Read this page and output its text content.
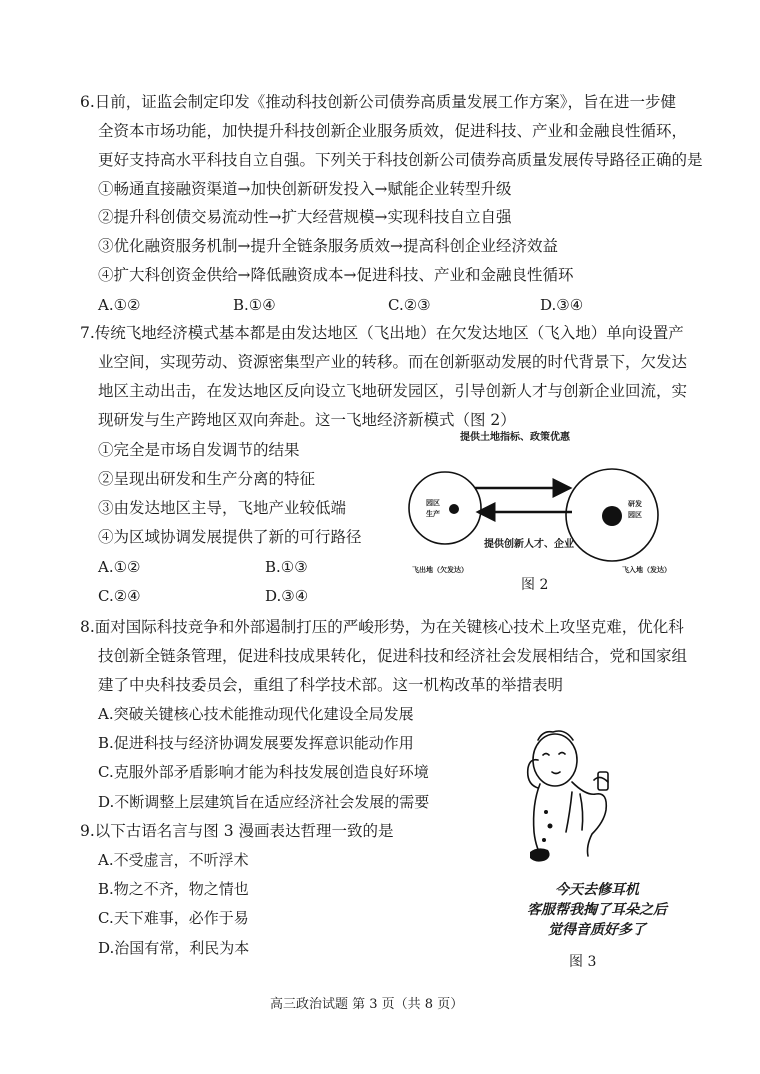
6.日前，证监会制定印发《推动科技创新公司债券高质量发展工作方案》，旨在进一步健
全资本市场功能，加快提升科技创新企业服务质效，促进科技、产业和金融良性循环，
更好支持高水平科技自立自强。下列关于科技创新公司债券高质量发展传导路径正确的是
①畅通直接融资渠道→加快创新研发投入→赋能企业转型升级
②提升科创债交易流动性→扩大经营规模→实现科技自立自强
③优化融资服务机制→提升全链条服务质效→提高科创企业经济效益
④扩大科创资金供给→降低融资成本→促进科技、产业和金融良性循环
A.①②	B.①④	C.②③	D.③④
7.传统飞地经济模式基本都是由发达地区（飞出地）在欠发达地区（飞入地）单向设置产
业空间，实现劳动、资源密集型产业的转移。而在创新驱动发展的时代背景下，欠发达
地区主动出击，在发达地区反向设立飞地研发园区，引导创新人才与创新企业回流，实
现研发与生产跨地区双向奔赴。这一飞地经济新模式（图 2）
①完全是市场自发调节的结果
②呈现出研发和生产分离的特征
③由发达地区主导，飞地产业较低端
④为区域协调发展提供了新的可行路径
A.①②	B.①③
C.②④	D.③④
提供土地指标、政策优惠
提供创新人才、企业
园区
生产
研发
园区
飞出地（欠发达）	飞入地（发达）
图 2
8.面对国际科技竞争和外部遏制打压的严峻形势，为在关键核心技术上攻坚克难，优化科
技创新全链条管理，促进科技成果转化，促进科技和经济社会发展相结合，党和国家组
建了中央科技委员会，重组了科学技术部。这一机构改革的举措表明
A.突破关键核心技术能推动现代化建设全局发展
B.促进科技与经济协调发展要发挥意识能动作用
C.克服外部矛盾影响才能为科技发展创造良好环境
D.不断调整上层建筑旨在适应经济社会发展的需要
9.以下古语名言与图 3 漫画表达哲理一致的是
A.不受虚言，不听浮术
B.物之不齐，物之情也
C.天下难事，必作于易
D.治国有常，利民为本
今天去修耳机
客服帮我掏了耳朵之后
觉得音质好多了
图 3
高三政治试题 第 3 页（共 8 页）
